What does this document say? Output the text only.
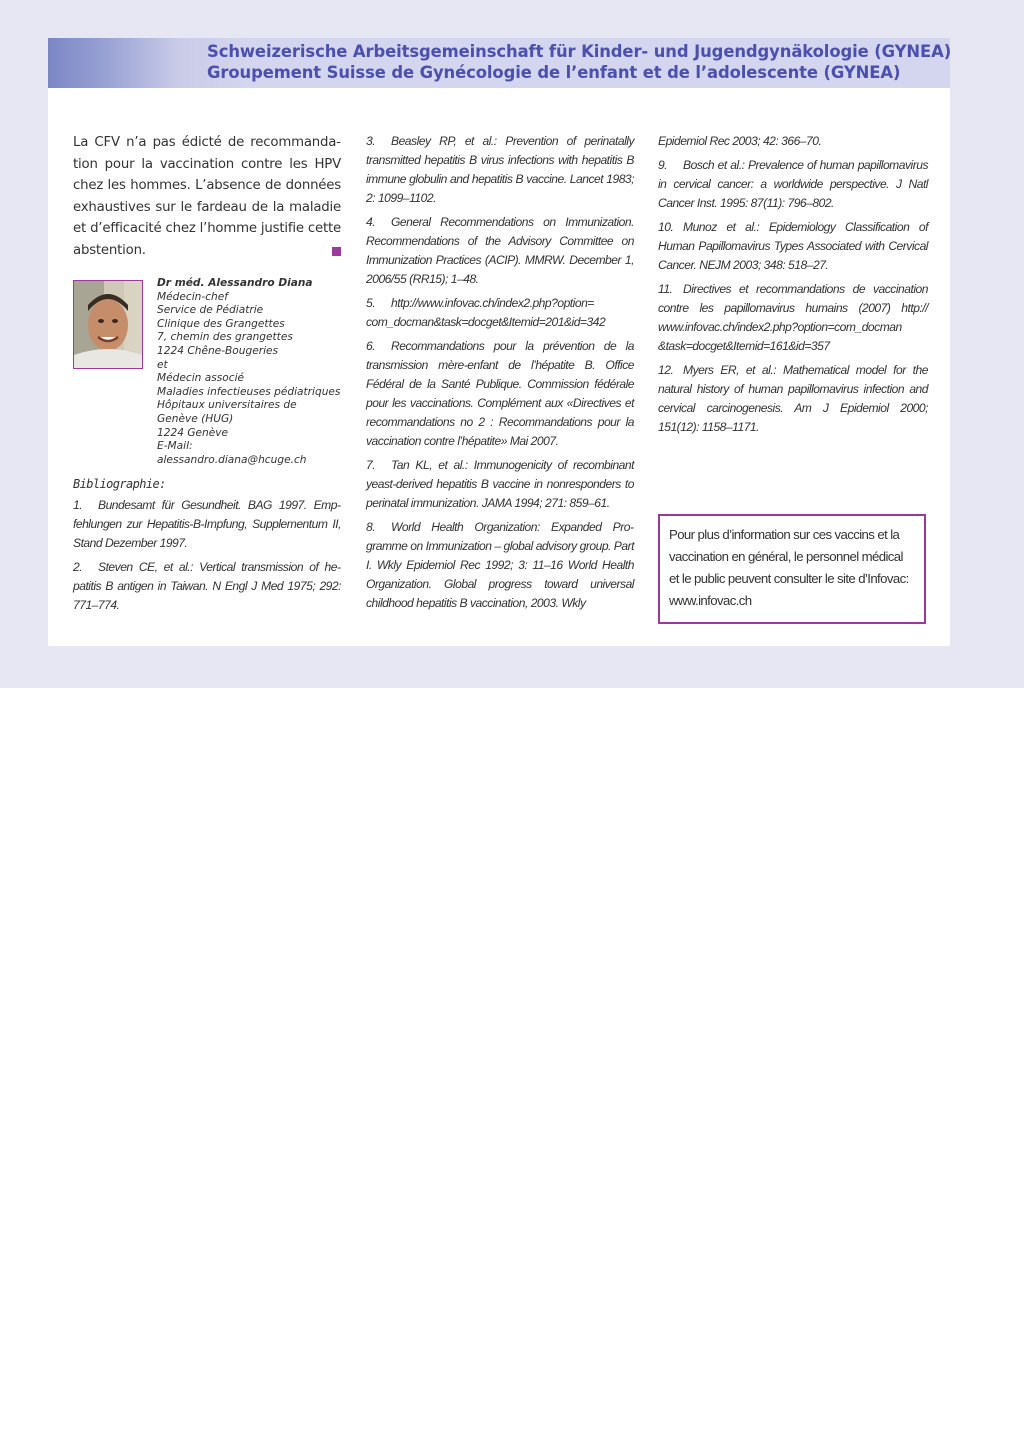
Schweizerische Arbeitsgemeinschaft für Kinder- und Jugendgynäkologie (GYNEA)
Groupement Suisse de Gynécologie de l’enfant et de l’adolescente (GYNEA)

La CFV n’a pas édicté de recommandation pour la vaccination contre les HPV chez les hommes. L’absence de données exhaustives sur le fardeau de la maladie et d’efficacité chez l’homme justifie cette abstention.

Dr méd. Alessandro Diana
Médecin-chef
Service de Pédiatrie
Clinique des Grangettes
7, chemin des grangettes
1224 Chêne-Bougeries
et
Médecin associé
Maladies infectieuses pédiatriques
Hôpitaux universitaires de
Genève (HUG)
1224 Genève
E-Mail:
alessandro.diana@hcuge.ch

Bibliographie:

1. Bundesamt für Gesundheit. BAG 1997. Empfehlungen zur Hepatitis-B-Impfung, Supplementum II, Stand Dezember 1997.

2. Steven CE, et al.: Vertical transmission of hepatitis B antigen in Taiwan. N Engl J Med 1975; 292: 771–774.

3. Beasley RP, et al.: Prevention of perinatally transmitted hepatitis B virus infections with hepatitis B immune globulin and hepatitis B vaccine. Lancet 1983; 2: 1099–1102.

4. General Recommendations on Immunization. Recommendations of the Advisory Committee on Immunization Practices (ACIP). MMRW. December 1, 2006/55 (RR15); 1–48.

5. http://www.infovac.ch/index2.php?option= com_docman&task=docget&Itemid=201&id=342

6. Recommandations pour la prévention de la transmission mère-enfant de l’hépatite B. Office Fédéral de la Santé Publique. Commission fédérale pour les vaccinations. Complément aux «Directives et recommandations no 2 : Recommandations pour la vaccination contre l’hépatite» Mai 2007.

7. Tan KL, et al.: Immunogenicity of recombinant yeast-derived hepatitis B vaccine in nonresponders to perinatal immunization. JAMA 1994; 271: 859–61.

8. World Health Organization: Expanded Programme on Immunization – global advisory group. Part I. Wkly Epidemiol Rec 1992; 3: 11–16 World Health Organization. Global progress toward universal childhood hepatitis B vaccination, 2003. Wkly

Epidemiol Rec 2003; 42: 366–70.

9. Bosch et al.: Prevalence of human papillomavirus in cervical cancer: a worldwide perspective. J Natl Cancer Inst. 1995: 87(11): 796–802.

10. Munoz et al.: Epidemiology Classification of Human Papillomavirus Types Associated with Cervical Cancer. NEJM 2003; 348: 518–27.

11. Directives et recommandations de vaccination contre les papillomavirus humains (2007) http:// www.infovac.ch/index2.php?option=com_docman &task=docget&Itemid=161&id=357

12. Myers ER, et al.: Mathematical model for the natural history of human papillomavirus infection and cervical carcinogenesis. Am J Epidemiol 2000; 151(12): 1158–1171.

Pour plus d’information sur ces vaccins et la
vaccination en général, le personnel médical
et le public peuvent consulter le site d’Infovac:
www.infovac.ch
